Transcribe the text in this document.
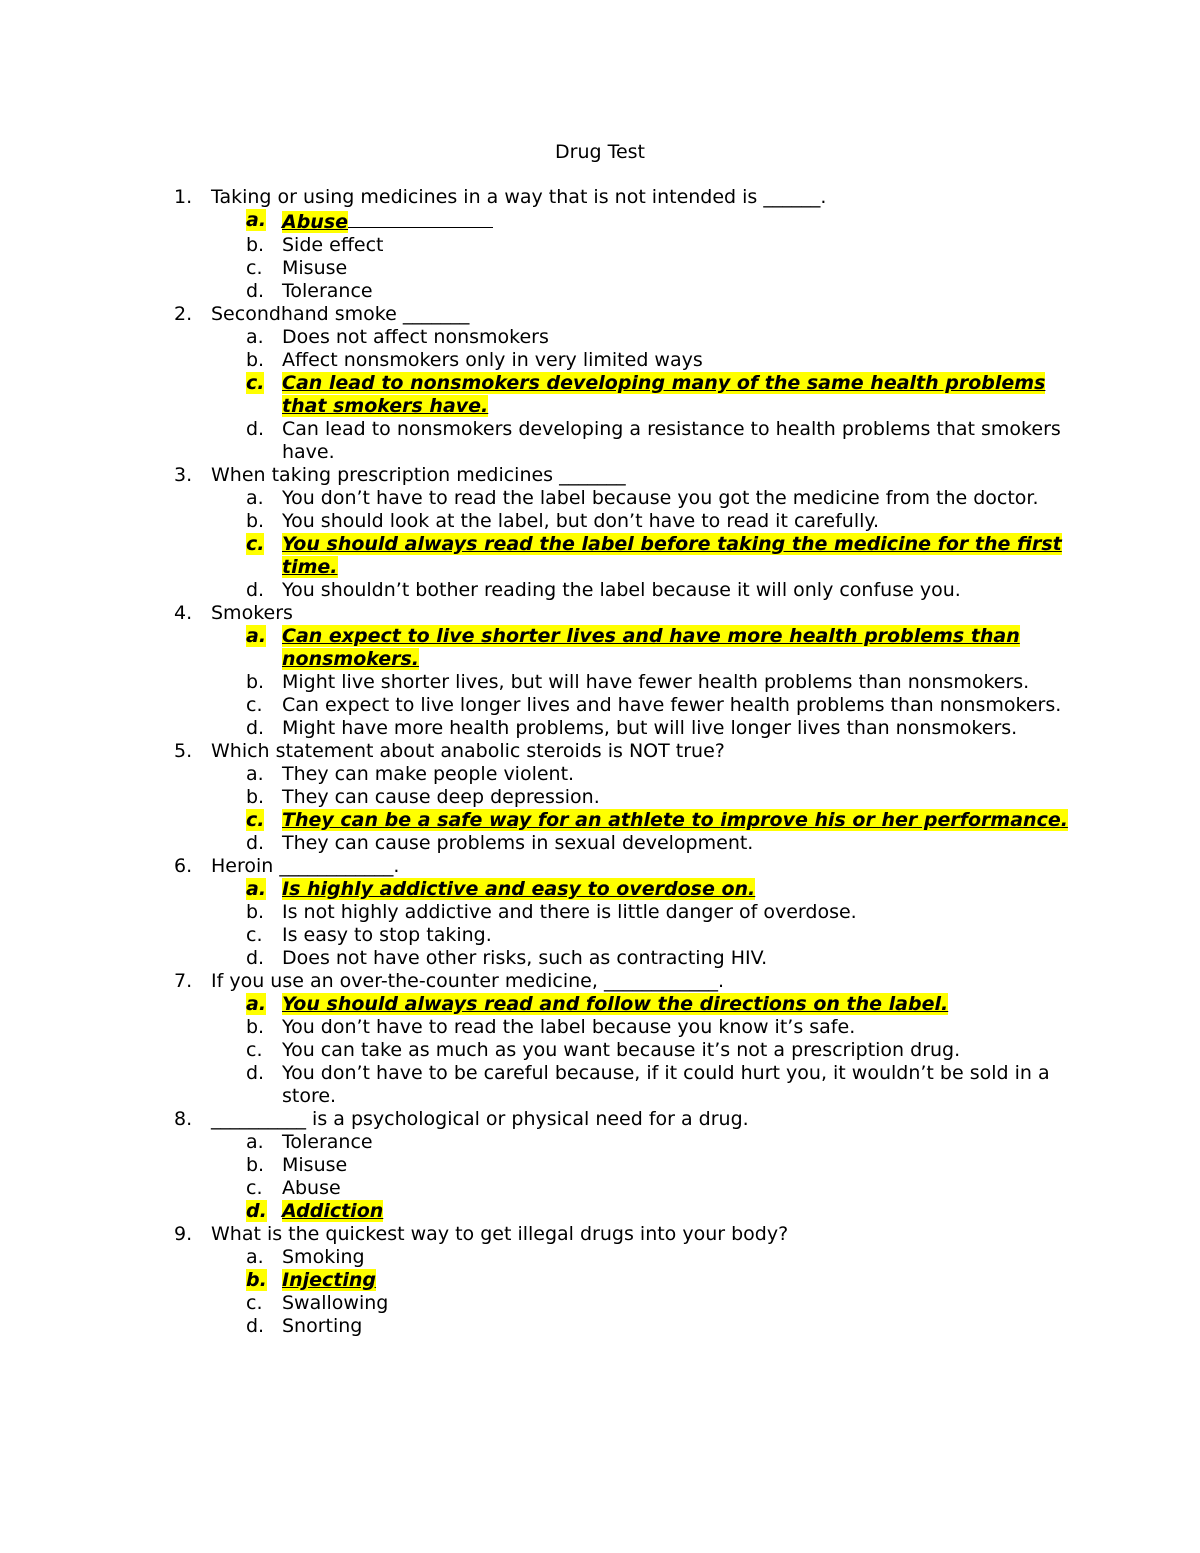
Drug Test
1. Taking or using medicines in a way that is not intended is ______.
a. Abuse
b. Side effect
c.	Misuse
d. Tolerance
2. Secondhand smoke _______
a. Does not affect nonsmokers
b. Affect nonsmokers only in very limited ways
c. Can lead to nonsmokers developing many of the same health problems that smokers have.
d. Can lead to nonsmokers developing a resistance to health problems that smokers have.
3. When taking prescription medicines _______
a. You don’t have to read the label because you got the medicine from the doctor.
b. You should look at the label, but don’t have to read it carefully.
c. You should always read the label before taking the medicine for the first time.
d. You shouldn’t bother reading the label because it will only confuse you.
4. Smokers
a. Can expect to live shorter lives and have more health problems than nonsmokers.
b. Might live shorter lives, but will have fewer health problems than nonsmokers.
c.	Can expect to live longer lives and have fewer health problems than nonsmokers.
d. Might have more health problems, but will live longer lives than nonsmokers.
5. Which statement about anabolic steroids is NOT true?
a. They can make people violent.
b. They can cause deep depression.
c. They can be a safe way for an athlete to improve his or her performance.
d. They can cause problems in sexual development.
6. Heroin ____________.
a. Is highly addictive and easy to overdose on.
b. Is not highly addictive and there is little danger of overdose.
c.	Is easy to stop taking.
d. Does not have other risks, such as contracting HIV.
7. If you use an over-the-counter medicine, ____________.
a. You should always read and follow the directions on the label.
b. You don’t have to read the label because you know it’s safe.
c.	You can take as much as you want because it’s not a prescription drug.
d. You don’t have to be careful because, if it could hurt you, it wouldn’t be sold in a store.
8. __________ is a psychological or physical need for a drug.
a. Tolerance
b. Misuse
c.	Abuse
d. Addiction
9. What is the quickest way to get illegal drugs into your body?
a. Smoking
b. Injecting
c.	Swallowing
d. Snorting
